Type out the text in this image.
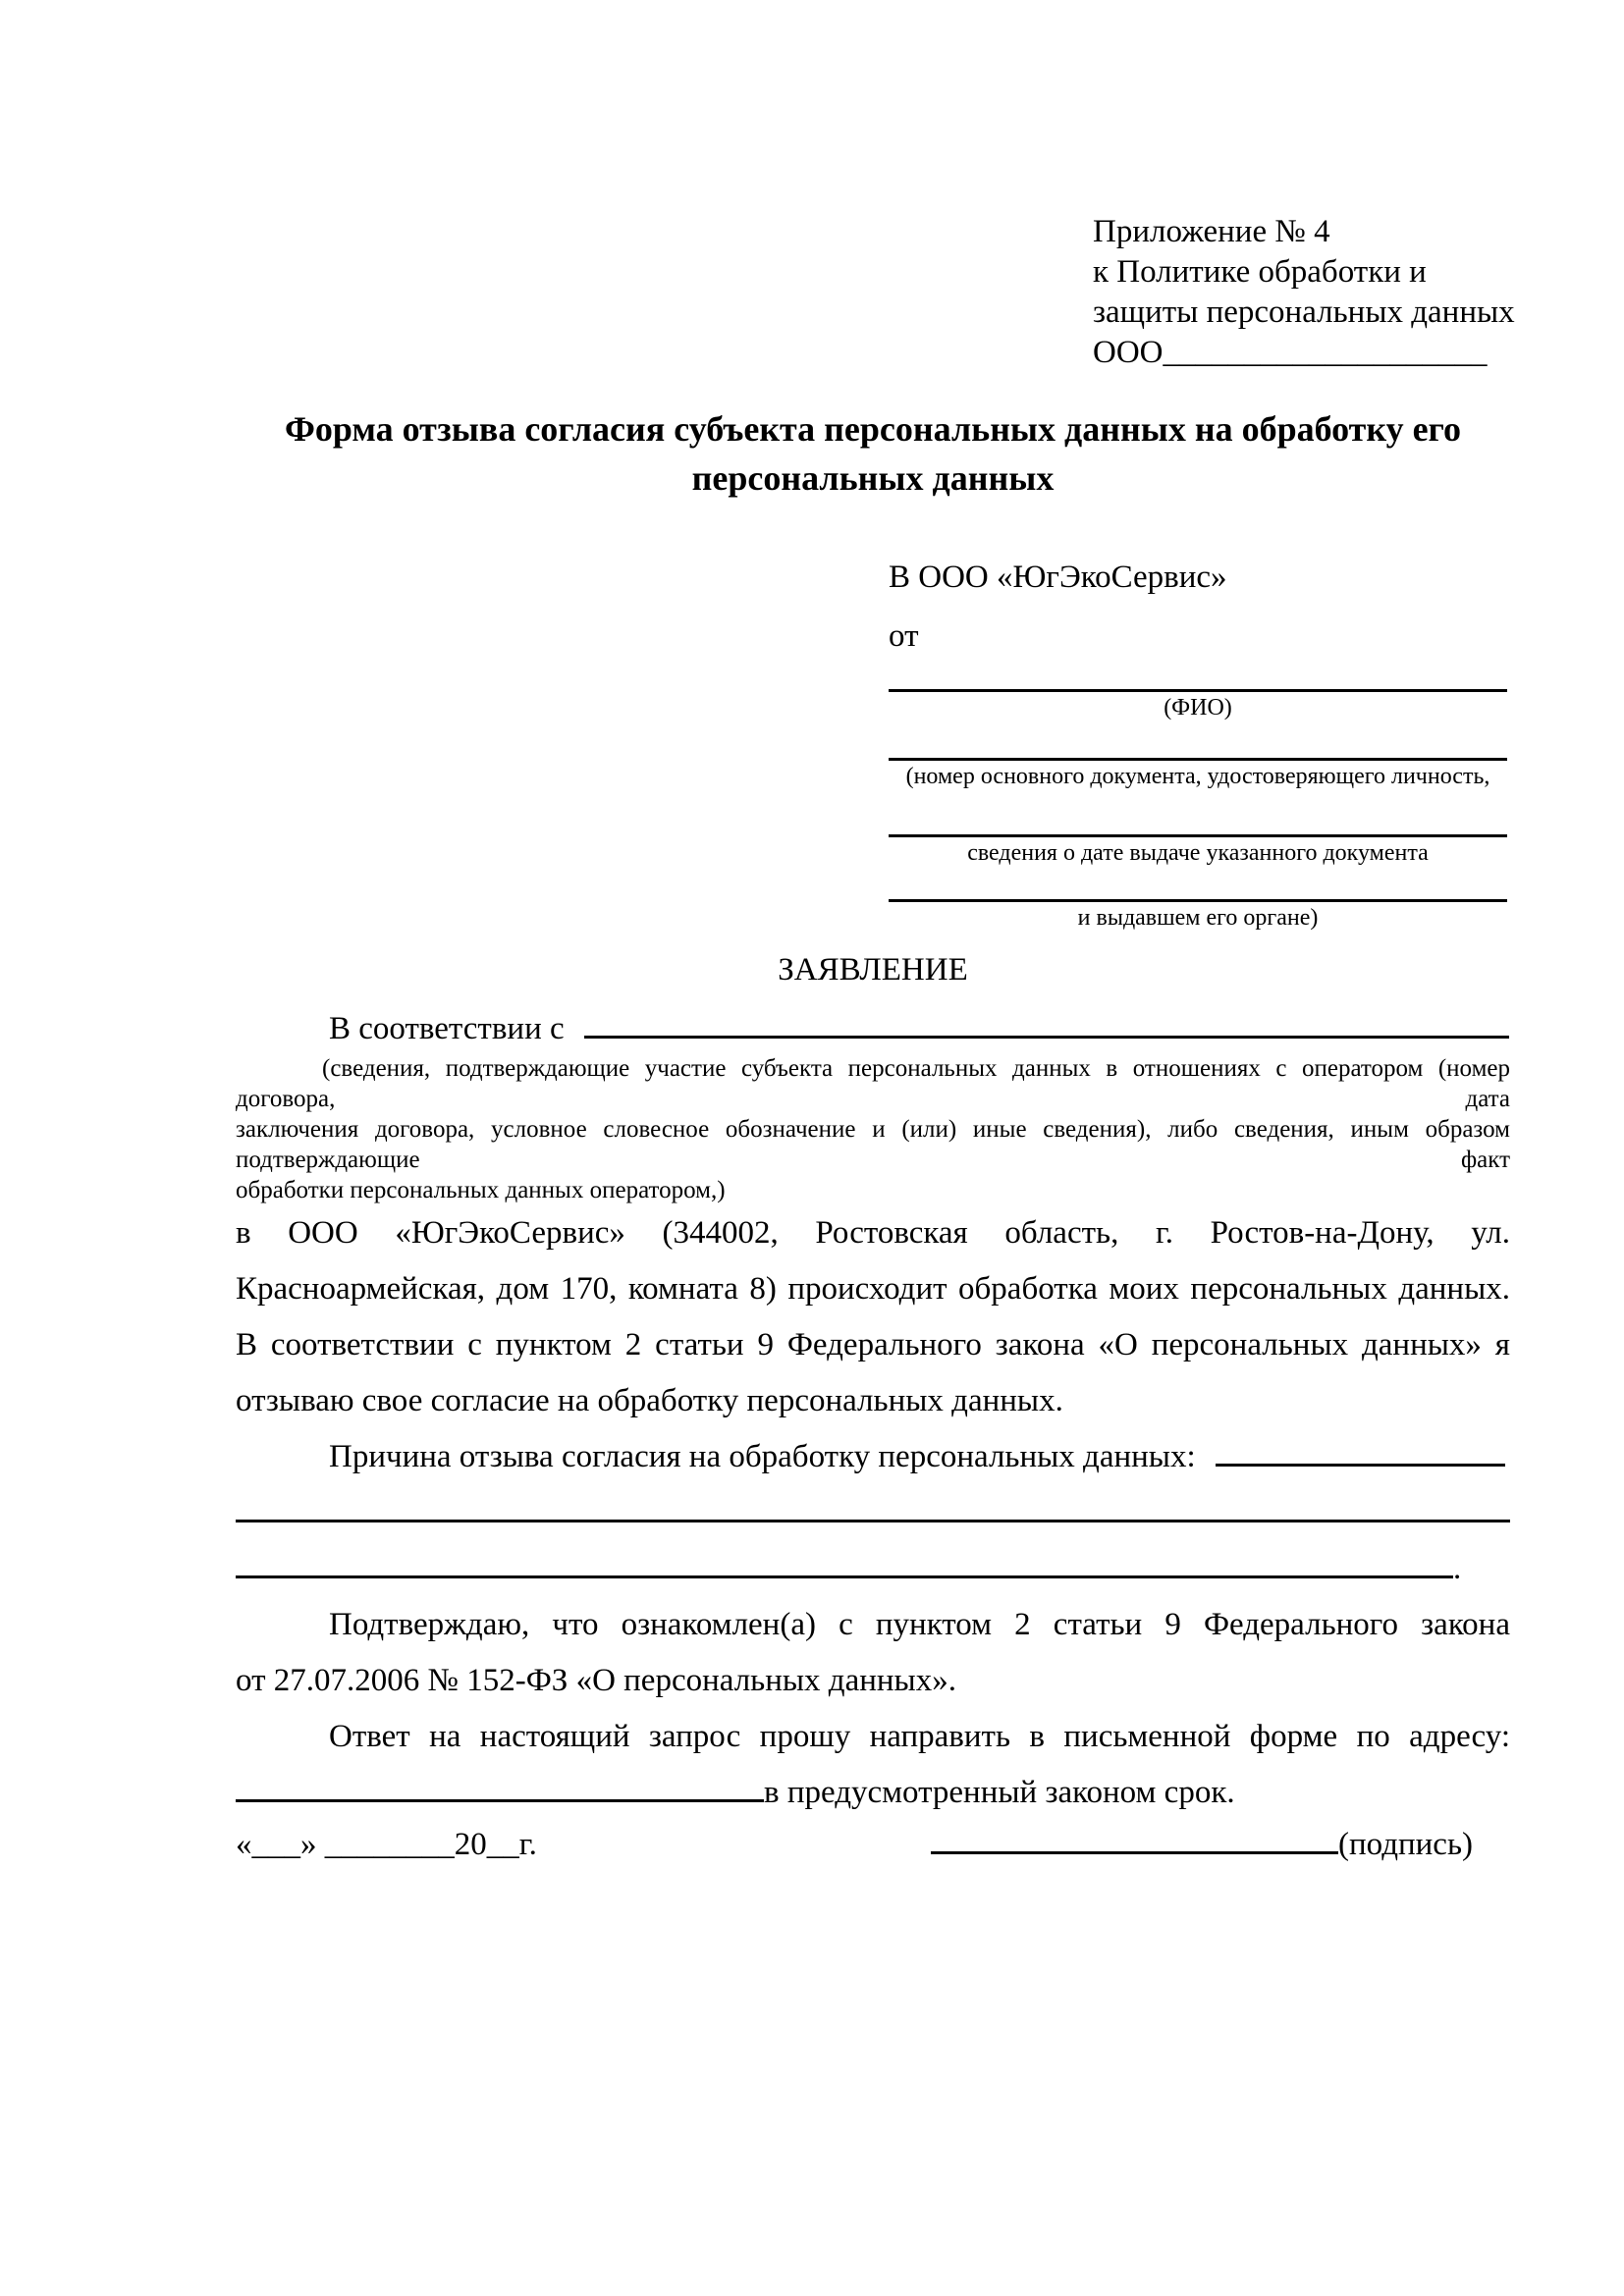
Приложение № 4
к Политике обработки и
защиты персональных данных
ООО____________________
Форма отзыва согласия субъекта персональных данных на обработку его персональных данных
В ООО «ЮгЭкоСервис»
от
(ФИО)
(номер основного документа, удостоверяющего личность,
сведения о дате выдаче указанного документа
и выдавшем его органе)
ЗАЯВЛЕНИЕ
В соответствии с
(сведения, подтверждающие участие субъекта персональных данных в отношениях с оператором (номер договора, дата
заключения договора, условное словесное обозначение и (или) иные сведения), либо сведения, иным образом подтверждающие факт
обработки персональных данных оператором,)
в ООО «ЮгЭкоСервис» (344002, Ростовская область, г. Ростов-на-Дону, ул.
Красноармейская, дом 170, комната 8) происходит обработка моих персональных данных.
В соответствии с пунктом 2 статьи 9 Федерального закона «О персональных данных» я
отзываю свое согласие на обработку персональных данных.
Причина отзыва согласия на обработку персональных данных:
.
Подтверждаю, что ознакомлен(а) с пунктом 2 статьи 9 Федерального закона
от 27.07.2006 № 152-ФЗ «О персональных данных».
Ответ на настоящий запрос прошу направить в письменной форме по адресу:
в предусмотренный законом срок.
«___» ________20__г.	(подпись)
